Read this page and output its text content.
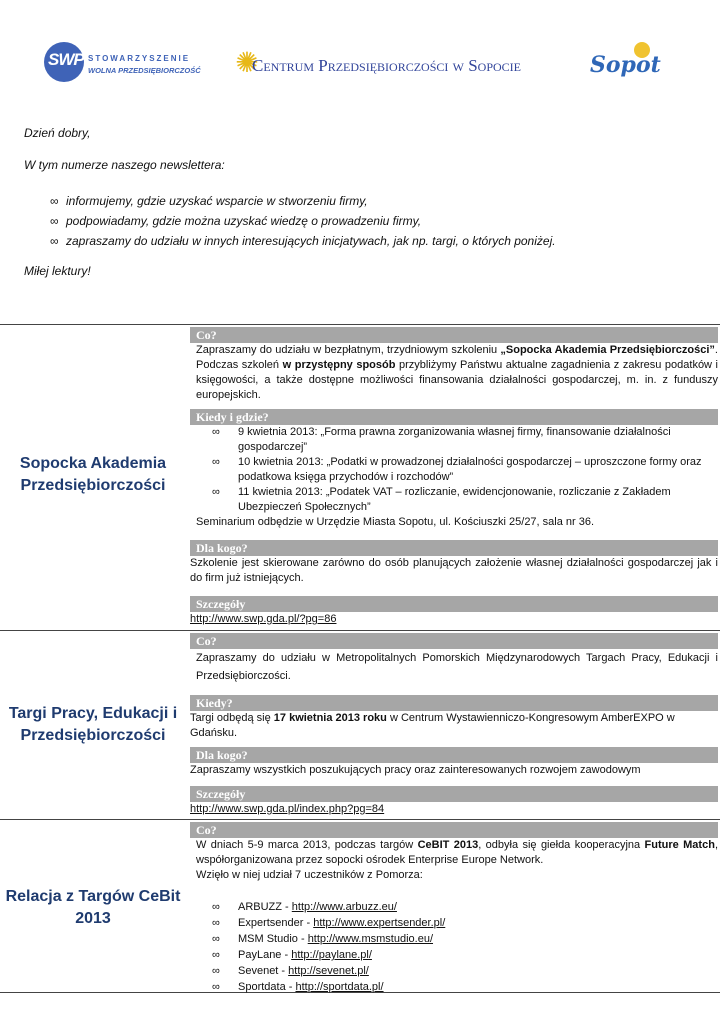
SWP STOWARZYSZENIE
WOLNA PRZEDSIĘBIORCZOŚĆ ✺
Centrum Przedsiębiorczości w Sopocie	Sopot

Dzień dobry,

W tym numerze naszego newslettera:

∞ informujemy, gdzie uzyskać wsparcie w stworzeniu firmy,
∞ podpowiadamy, gdzie można uzyskać wiedzę o prowadzeniu firmy,
∞ zapraszamy do udziału w innych interesujących inicjatywach, jak np. targi, o których poniżej.

Miłej lektury!

Sopocka Akademia Przedsiębiorczości
Co?
Zapraszamy do udziału w bezpłatnym, trzydniowym szkoleniu „Sopocka Akademia Przedsiębiorczości”. Podczas szkoleń w przystępny sposób przybliżymy Państwu aktualne zagadnienia z zakresu podatków i księgowości, a także dostępne możliwości finansowania działalności gospodarczej, m. in. z funduszy europejskich.
Kiedy i gdzie?
∞ 9 kwietnia 2013: „Forma prawna zorganizowania własnej firmy, finansowanie działalności gospodarczej”
∞ 10 kwietnia 2013: „Podatki w prowadzonej działalności gospodarczej – uproszczone formy oraz podatkowa księga przychodów i rozchodów”
∞ 11 kwietnia 2013: „Podatek VAT – rozliczanie, ewidencjonowanie, rozliczanie z Zakładem Ubezpieczeń Społecznych”
Seminarium odbędzie w Urzędzie Miasta Sopotu, ul. Kościuszki 25/27, sala nr 36.
Dla kogo?
Szkolenie jest skierowane zarówno do osób planujących założenie własnej działalności gospodarczej jak i do firm już istniejących.
Szczegóły
http://www.swp.gda.pl/?pg=86
Targi Pracy, Edukacji i Przedsiębiorczości
Co?
Zapraszamy do udziału w Metropolitalnych Pomorskich Międzynarodowych Targach Pracy, Edukacji i Przedsiębiorczości.
Kiedy?
Targi odbędą się 17 kwietnia 2013 roku w Centrum Wystawienniczo-Kongresowym AmberEXPO w Gdańsku.
Dla kogo?
Zapraszamy wszystkich poszukujących pracy oraz zainteresowanych rozwojem zawodowym
Szczegóły
http://www.swp.gda.pl/index.php?pg=84
Relacja z Targów CeBit 2013
Co?
W dniach 5-9 marca 2013, podczas targów CeBIT 2013, odbyła się giełda kooperacyjna Future Match, współorganizowana przez sopocki ośrodek Enterprise Europe Network.
Wzięło w niej udział 7 uczestników z Pomorza:
∞ ARBUZZ - http://www.arbuzz.eu/
∞ Expertsender - http://www.expertsender.pl/
∞ MSM Studio - http://www.msmstudio.eu/
∞ PayLane - http://paylane.pl/
∞ Sevenet - http://sevenet.pl/
∞ Sportdata - http://sportdata.pl/
